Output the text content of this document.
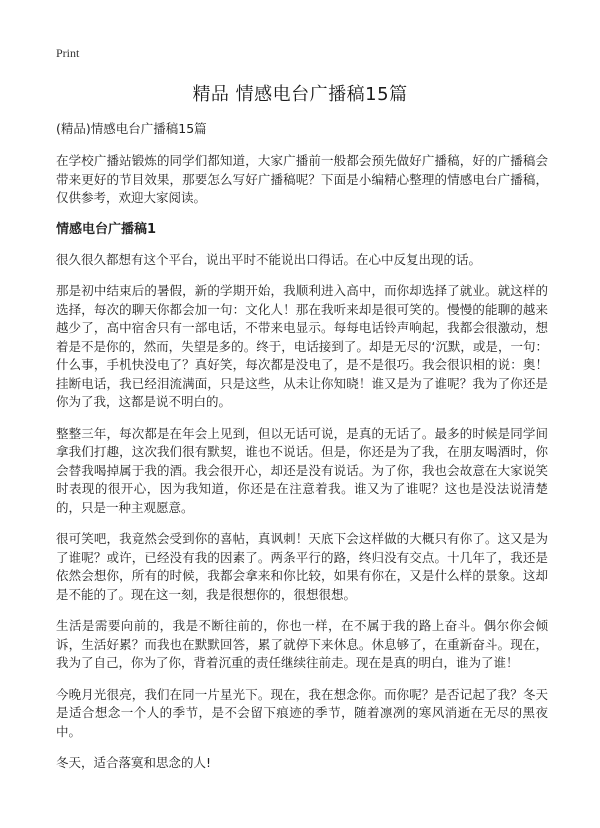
Print
精品 情感电台广播稿15篇

(精品)情感电台广播稿15篇

在学校广播站锻炼的同学们都知道，大家广播前一般都会预先做好广播稿，好的广播稿会带来更好的节目效果，那要怎么写好广播稿呢？下面是小编精心整理的情感电台广播稿，仅供参考，欢迎大家阅读。

情感电台广播稿1

很久很久都想有这个平台，说出平时不能说出口得话。在心中反复出现的话。

那是初中结束后的暑假，新的学期开始，我顺利进入高中，而你却选择了就业。就这样的选择，每次的聊天你都会加一句：文化人！那在我听来却是很可笑的。慢慢的能聊的越来越少了，高中宿舍只有一部电话，不带来电显示。每每电话铃声响起，我都会很激动，想着是不是你的，然而，失望是多的。终于，电话接到了。却是无尽的‘沉默，或是，一句：什么事，手机快没电了？真好笑，每次都是没电了，是不是很巧。我会很识相的说：奥！挂断电话，我已经泪流满面，只是这些，从未让你知晓！谁又是为了谁呢？我为了你还是你为了我，这都是说不明白的。

整整三年，每次都是在年会上见到，但以无话可说，是真的无话了。最多的时候是同学间拿我们打趣，这次我们很有默契，谁也不说话。但是，你还是为了我，在朋友喝酒时，你会替我喝掉属于我的酒。我会很开心，却还是没有说话。为了你，我也会故意在大家说笑时表现的很开心，因为我知道，你还是在注意着我。谁又为了谁呢？这也是没法说清楚的，只是一种主观愿意。

很可笑吧，我竟然会受到你的喜帖，真讽刺！天底下会这样做的大概只有你了。这又是为了谁呢？或许，已经没有我的因素了。两条平行的路，终归没有交点。十几年了，我还是依然会想你，所有的时候，我都会拿来和你比较，如果有你在，又是什么样的景象。这却是不能的了。现在这一刻，我是很想你的，很想很想。

生活是需要向前的，我是不断往前的，你也一样，在不属于我的路上奋斗。偶尔你会倾诉，生活好累？而我也在默默回答，累了就停下来休息。休息够了，在重新奋斗。现在，我为了自己，你为了你，背着沉重的责任继续往前走。现在是真的明白，谁为了谁！

今晚月光很亮，我们在同一片星光下。现在，我在想念你。而你呢？是否记起了我？冬天是适合想念一个人的季节，是不会留下痕迹的季节，随着凛冽的寒风消逝在无尽的黑夜中。

冬天，适合落寞和思念的人!
